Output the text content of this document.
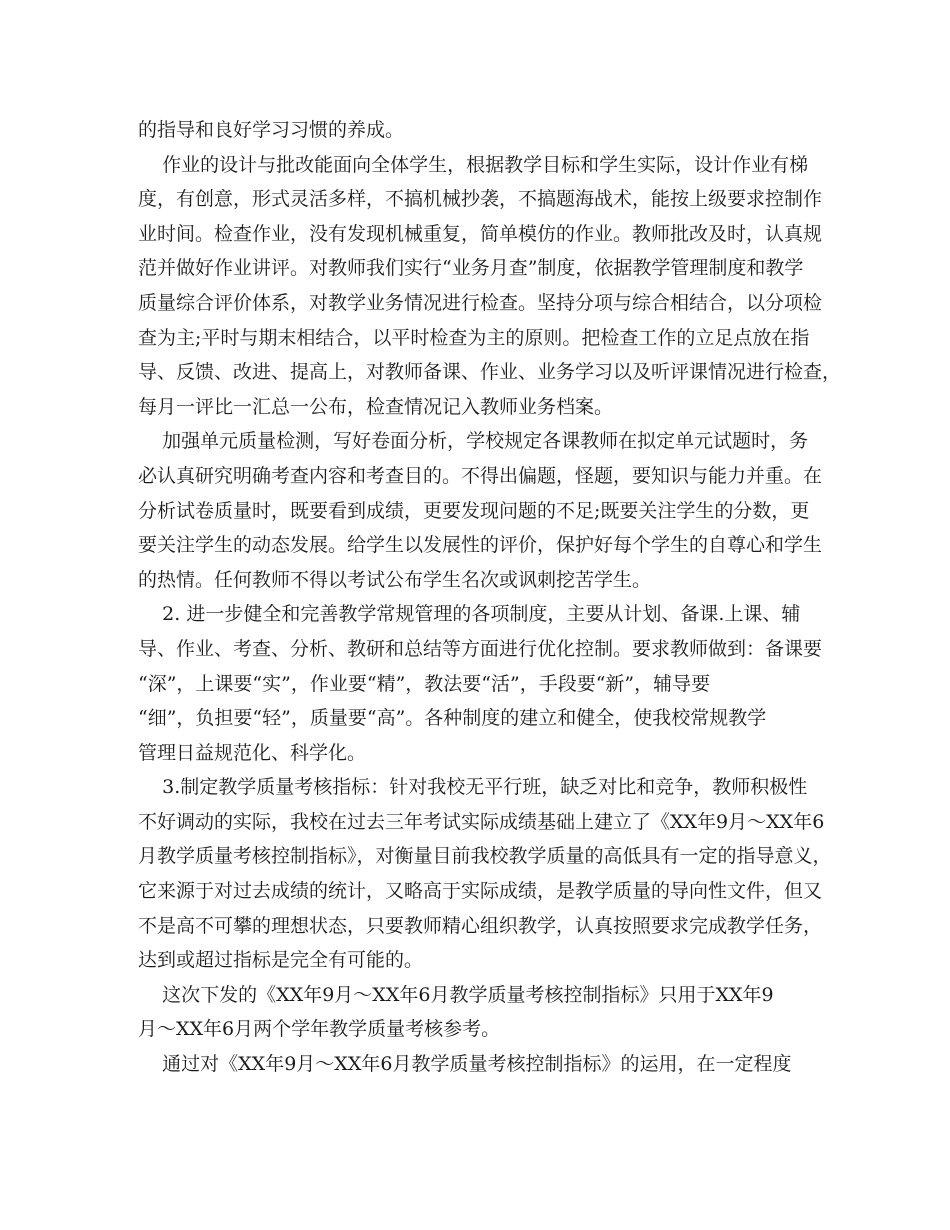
的指导和良好学习习惯的养成。
作业的设计与批改能面向全体学生，根据教学目标和学生实际，设计作业有梯
度，有创意，形式灵活多样，不搞机械抄袭，不搞题海战术，能按上级要求控制作
业时间。检查作业，没有发现机械重复，简单模仿的作业。教师批改及时，认真规
范并做好作业讲评。对教师我们实行“业务月查”制度，依据教学管理制度和教学
质量综合评价体系，对教学业务情况进行检查。坚持分项与综合相结合，以分项检
查为主;平时与期末相结合，以平时检查为主的原则。把检查工作的立足点放在指
导、反馈、改进、提高上，对教师备课、作业、业务学习以及听评课情况进行检查，
每月一评比一汇总一公布，检查情况记入教师业务档案。
加强单元质量检测，写好卷面分析，学校规定各课教师在拟定单元试题时，务
必认真研究明确考查内容和考查目的。不得出偏题，怪题，要知识与能力并重。在
分析试卷质量时，既要看到成绩，更要发现问题的不足;既要关注学生的分数，更
要关注学生的动态发展。给学生以发展性的评价，保护好每个学生的自尊心和学生
的热情。任何教师不得以考试公布学生名次或讽刺挖苦学生。
2. 进一步健全和完善教学常规管理的各项制度，主要从计划、备课.上课、辅
导、作业、考查、分析、教研和总结等方面进行优化控制。要求教师做到：备课要
“深”，上课要“实”，作业要“精”，教法要“活”，手段要“新”，辅导要
“细”，负担要“轻”，质量要“高”。各种制度的建立和健全，使我校常规教学
管理日益规范化、科学化。
3.制定教学质量考核指标：针对我校无平行班，缺乏对比和竞争，教师积极性
不好调动的实际，我校在过去三年考试实际成绩基础上建立了《XX年9月～XX年6
月教学质量考核控制指标》，对衡量目前我校教学质量的高低具有一定的指导意义，
它来源于对过去成绩的统计，又略高于实际成绩，是教学质量的导向性文件，但又
不是高不可攀的理想状态，只要教师精心组织教学，认真按照要求完成教学任务，
达到或超过指标是完全有可能的。
这次下发的《XX年9月～XX年6月教学质量考核控制指标》只用于XX年9
月～XX年6月两个学年教学质量考核参考。
通过对《XX年9月～XX年6月教学质量考核控制指标》的运用，在一定程度
